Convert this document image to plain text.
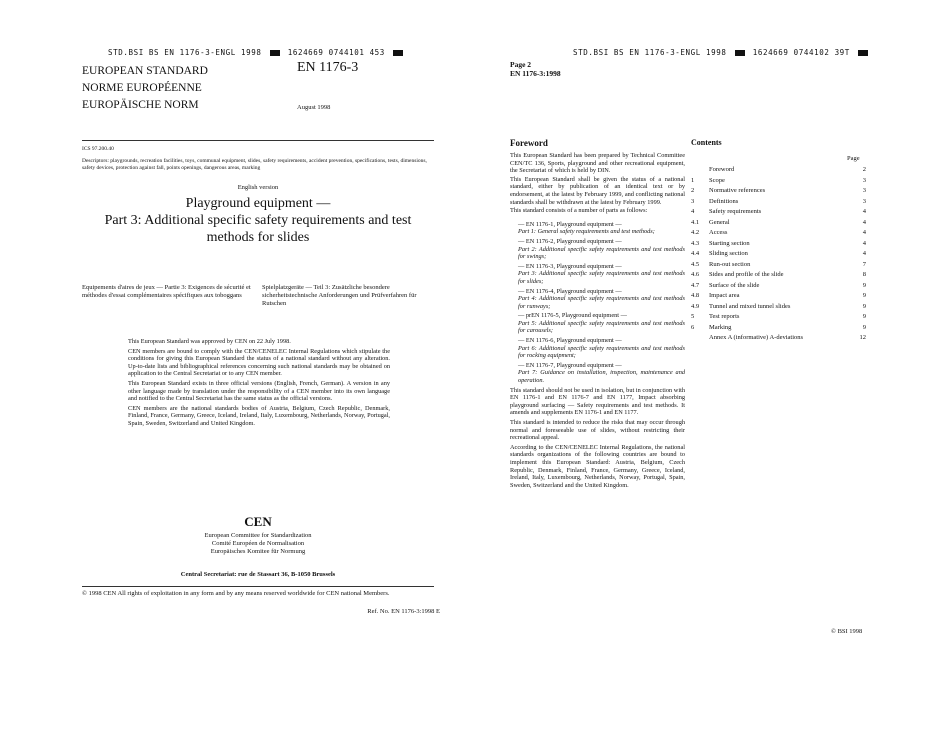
STD.BSI BS EN 1176-3-ENGL 1998	1624669 0744101 453
EUROPEAN STANDARD
NORME EUROPÉENNE
EUROPÄISCHE NORM
EN 1176-3
August 1998
ICS 97.200.40
Descriptors: playgrounds, recreation facilities, toys, communal equipment, slides, safety requirements, accident prevention, specifications, tests, dimensions, safety devices, protection against fall, points openings, dangerous areas, marking
English version
Playground equipment —
Part 3: Additional specific safety requirements and test methods for slides
Equipements d'aires de jeux — Partie 3: Exigences de sécurité et méthodes d'essai complémentaires spécifiques aux toboggans
Spielplatzgeräte — Teil 3: Zusätzliche besondere sicherheitstechnische Anforderungen und Prüfverfahren für Rutschen
This European Standard was approved by CEN on 22 July 1998.
CEN members are bound to comply with the CEN/CENELEC Internal Regulations which stipulate the conditions for giving this European Standard the status of a national standard without any alteration. Up-to-date lists and bibliographical references concerning such national standards may be obtained on application to the Central Secretariat or to any CEN member.
This European Standard exists in three official versions (English, French, German). A version in any other language made by translation under the responsibility of a CEN member into its own language and notified to the Central Secretariat has the same status as the official versions.
CEN members are the national standards bodies of Austria, Belgium, Czech Republic, Denmark, Finland, France, Germany, Greece, Iceland, Ireland, Italy, Luxembourg, Netherlands, Norway, Portugal, Spain, Sweden, Switzerland and United Kingdom.
CEN
European Committee for Standardization
Comité Européen de Normalisation
Europäisches Komitee für Normung
Central Secretariat: rue de Stassart 36, B-1050 Brussels
© 1998 CEN All rights of exploitation in any form and by any means reserved worldwide for CEN national Members.
Ref. No. EN 1176-3:1998 E
STD.BSI BS EN 1176-3-ENGL 1998	1624669 0744102 39T
Page 2
EN 1176-3:1998
Foreword
This European Standard has been prepared by Technical Committee CEN/TC 136, Sports, playground and other recreational equipment, the Secretariat of which is held by DIN.
This European Standard shall be given the status of a national standard, either by publication of an identical text or by endorsement, at the latest by February 1999, and conflicting national standards shall be withdrawn at the latest by February 1999.
This standard consists of a number of parts as follows:
— EN 1176-1, Playground equipment —
Part 1: General safety requirements and test methods;
— EN 1176-2, Playground equipment —
Part 2: Additional specific safety requirements and test methods for swings;
— EN 1176-3, Playground equipment —
Part 3: Additional specific safety requirements and test methods for slides;
— EN 1176-4, Playground equipment —
Part 4: Additional specific safety requirements and test methods for runways;
— prEN 1176-5, Playground equipment —
Part 5: Additional specific safety requirements and test methods for carousels;
— EN 1176-6, Playground equipment —
Part 6: Additional specific safety requirements and test methods for rocking equipment;
— EN 1176-7, Playground equipment —
Part 7: Guidance on installation, inspection, maintenance and operation.
This standard should not be used in isolation, but in conjunction with EN 1176-1 and EN 1176-7 and EN 1177, Impact absorbing playground surfacing — Safety requirements and test methods. It amends and supplements EN 1176-1 and EN 1177.
This standard is intended to reduce the risks that may occur through normal and foreseeable use of slides, without restricting their recreational appeal.
According to the CEN/CENELEC Internal Regulations, the national standards organizations of the following countries are bound to implement this European Standard: Austria, Belgium, Czech Republic, Denmark, Finland, France, Germany, Greece, Iceland, Ireland, Italy, Luxembourg, Netherlands, Norway, Portugal, Spain, Sweden, Switzerland and the United Kingdom.
Contents
Page
Foreword	2
1 Scope	3
2 Normative references	3
3 Definitions	3
4 Safety requirements	4
4.1 General	4
4.2 Access	4
4.3 Starting section	4
4.4 Sliding section	4
4.5 Run-out section	7
4.6 Sides and profile of the slide	8
4.7 Surface of the slide	9
4.8 Impact area	9
4.9 Tunnel and mixed tunnel slides	9
5 Test reports	9
6 Marking	9
Annex A (informative) A-deviations	12
© BSI 1998
